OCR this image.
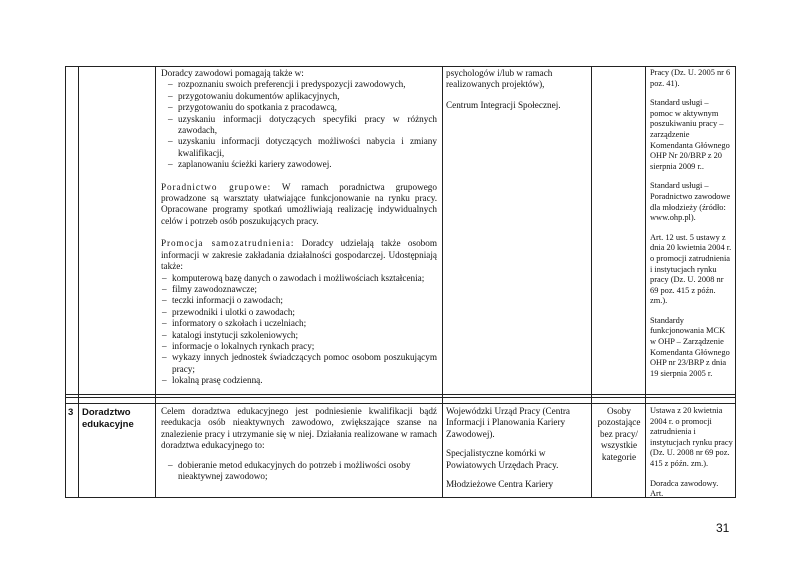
Doradcy zawodowi pomagają także w:

– rozpoznaniu swoich preferencji i predyspozycji zawodowych,
– przygotowaniu dokumentów aplikacyjnych,
– przygotowaniu do spotkania z pracodawcą,
– uzyskaniu informacji dotyczących specyfiki pracy w różnych zawodach,
– uzyskaniu informacji dotyczących możliwości nabycia i zmiany kwalifikacji,
– zaplanowaniu ścieżki kariery zawodowej.

Poradnictwo grupowe: W ramach poradnictwa grupowego prowadzone są warsztaty ułatwiające funkcjonowanie na rynku pracy. Opracowane programy spotkań umożliwiają realizację indywidualnych celów i potrzeb osób poszukujących pracy.

Promocja samozatrudnienia: Doradcy udzielają także osobom informacji w zakresie zakładania działalności gospodarczej. Udostępniają także:

– komputerową bazę danych o zawodach i możliwościach kształcenia;
– filmy zawodoznawcze;
– teczki informacji o zawodach;
– przewodniki i ulotki o zawodach;
– informatory o szkołach i uczelniach;
– katalogi instytucji szkoleniowych;
– informacje o lokalnych rynkach pracy;
– wykazy innych jednostek świadczących pomoc osobom poszukującym pracy;
– lokalną prasę codzienną.

psychologów i/lub w ramach realizowanych projektów),

Centrum Integracji Społecznej.

Pracy (Dz. U. 2005 nr 6 poz. 41).

Standard usługi – pomoc w aktywnym poszukiwaniu pracy – zarządzenie Komendanta Głównego OHP Nr 20/BRP z 20 sierpnia 2009 r..

Standard usługi – Poradnictwo zawodowe dla młodzieży (źródło: www.ohp.pl).

Art. 12 ust. 5 ustawy z dnia 20 kwietnia 2004 r. o promocji zatrudnienia i instytucjach rynku pracy (Dz. U. 2008 nr 69 poz. 415 z późn. zm.).

Standardy funkcjonowania MCK w OHP – Zarządzenie Komendanta Głównego OHP nr 23/BRP z dnia 19 sierpnia 2005 r.

3 Doradztwo edukacyjne

Celem doradztwa edukacyjnego jest podniesienie kwalifikacji bądź reedukacja osób nieaktywnych zawodowo, zwiększające szanse na znalezienie pracy i utrzymanie się w niej. Działania realizowane w ramach doradztwa edukacyjnego to:

– dobieranie metod edukacyjnych do potrzeb i możliwości osoby nieaktywnej zawodowo;

Wojewódzki Urząd Pracy (Centra Informacji i Planowania Kariery Zawodowej).

Specjalistyczne komórki w Powiatowych Urzędach Pracy.

Młodzieżowe Centra Kariery

Osoby pozostające bez pracy/ wszystkie kategorie

Ustawa z 20 kwietnia 2004 r. o promocji zatrudnienia i instytucjach rynku pracy (Dz. U. 2008 nr 69 poz. 415 z późn. zm.).

Doradca zawodowy. Art.

31
